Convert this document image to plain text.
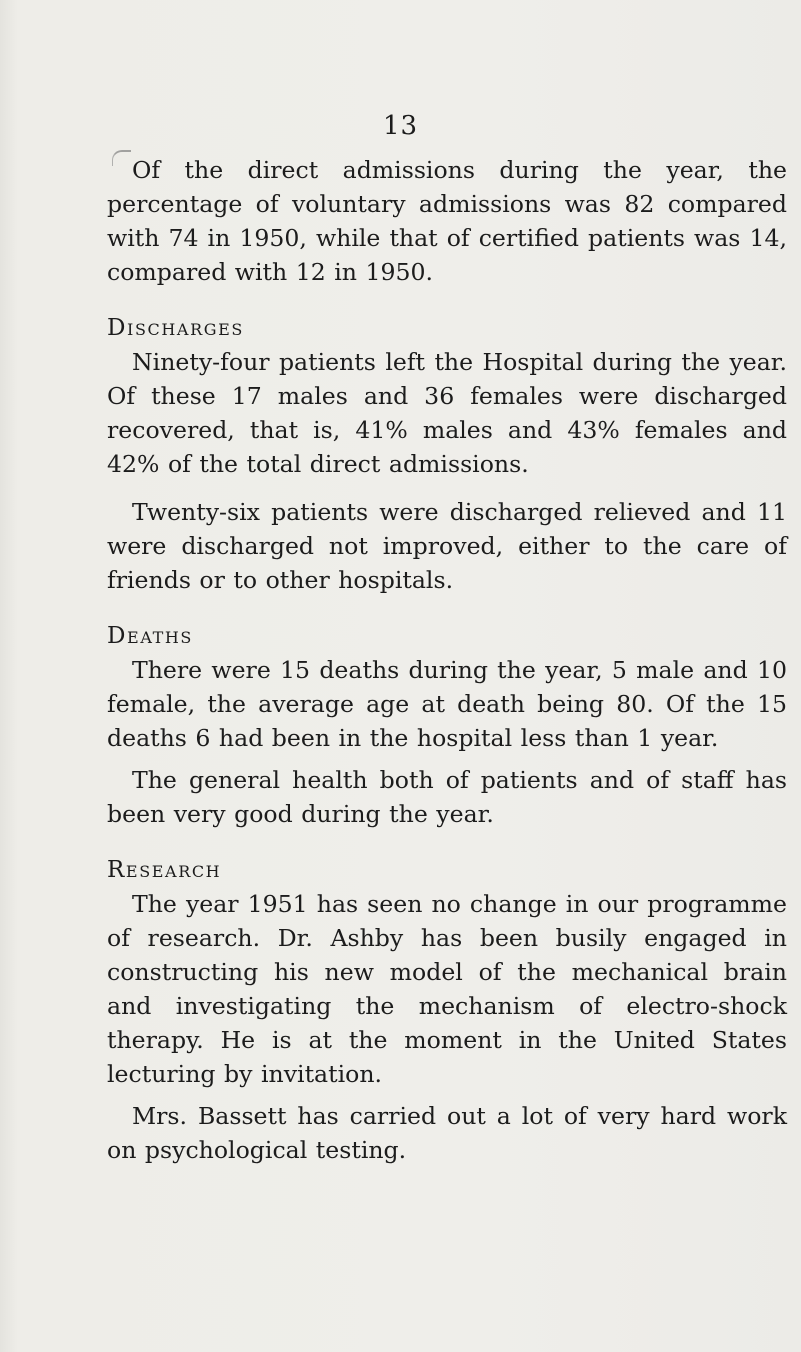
13

Of the direct admissions during the year, the percentage of voluntary admissions was 82 compared with 74 in 1950, while that of certified patients was 14, compared with 12 in 1950.

Discharges

Ninety-four patients left the Hospital during the year. Of these 17 males and 36 females were discharged recovered, that is, 41% males and 43% females and 42% of the total direct admissions.

Twenty-six patients were discharged relieved and 11 were discharged not improved, either to the care of friends or to other hospitals.

Deaths

There were 15 deaths during the year, 5 male and 10 female, the average age at death being 80. Of the 15 deaths 6 had been in the hospital less than 1 year.

The general health both of patients and of staff has been very good during the year.

Research

The year 1951 has seen no change in our programme of research. Dr. Ashby has been busily engaged in constructing his new model of the mechanical brain and investigating the mechanism of electro-shock therapy. He is at the moment in the United States lecturing by invitation.

Mrs. Bassett has carried out a lot of very hard work on psychological testing.
